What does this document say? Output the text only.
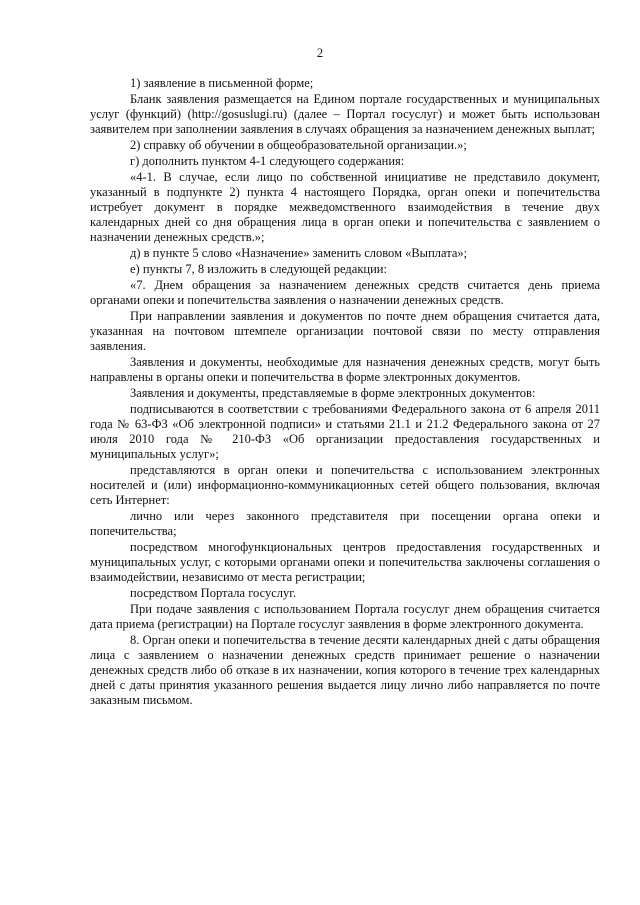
2

1) заявление в письменной форме;

Бланк заявления размещается на Едином портале государственных и муниципальных услуг (функций) (http://gosuslugi.ru) (далее – Портал госуслуг) и может быть использован заявителем при заполнении заявления в случаях обращения за назначением денежных выплат;

2) справку об обучении в общеобразовательной организации.»;

г) дополнить пунктом 4-1 следующего содержания:

«4-1. В случае, если лицо по собственной инициативе не представило документ, указанный в подпункте 2) пункта 4 настоящего Порядка, орган опеки и попечительства истребует документ в порядке межведомственного взаимодействия в течение двух календарных дней со дня обращения лица в орган опеки и попечительства с заявлением о назначении денежных средств.»;

д) в пункте 5 слово «Назначение» заменить словом «Выплата»;

е) пункты 7, 8 изложить в следующей редакции:

«7. Днем обращения за назначением денежных средств считается день приема органами опеки и попечительства заявления о назначении денежных средств.

При направлении заявления и документов по почте днем обращения считается дата, указанная на почтовом штемпеле организации почтовой связи по месту отправления заявления.

Заявления и документы, необходимые для назначения денежных средств, могут быть направлены в органы опеки и попечительства в форме электронных документов.

Заявления и документы, представляемые в форме электронных документов:

подписываются в соответствии с требованиями Федерального закона от 6 апреля 2011 года № 63-ФЗ «Об электронной подписи» и статьями 21.1 и 21.2 Федерального закона от 27 июля 2010 года № 210-ФЗ «Об организации предоставления государственных и муниципальных услуг»;

представляются в орган опеки и попечительства с использованием электронных носителей и (или) информационно-коммуникационных сетей общего пользования, включая сеть Интернет:

лично или через законного представителя при посещении органа опеки и попечительства;

посредством многофункциональных центров предоставления государственных и муниципальных услуг, с которыми органами опеки и попечительства заключены соглашения о взаимодействии, независимо от места регистрации;

посредством Портала госуслуг.

При подаче заявления с использованием Портала госуслуг днем обращения считается дата приема (регистрации) на Портале госуслуг заявления в форме электронного документа.

8. Орган опеки и попечительства в течение десяти календарных дней с даты обращения лица с заявлением о назначении денежных средств принимает решение о назначении денежных средств либо об отказе в их назначении, копия которого в течение трех календарных дней с даты принятия указанного решения выдается лицу лично либо направляется по почте заказным письмом.
